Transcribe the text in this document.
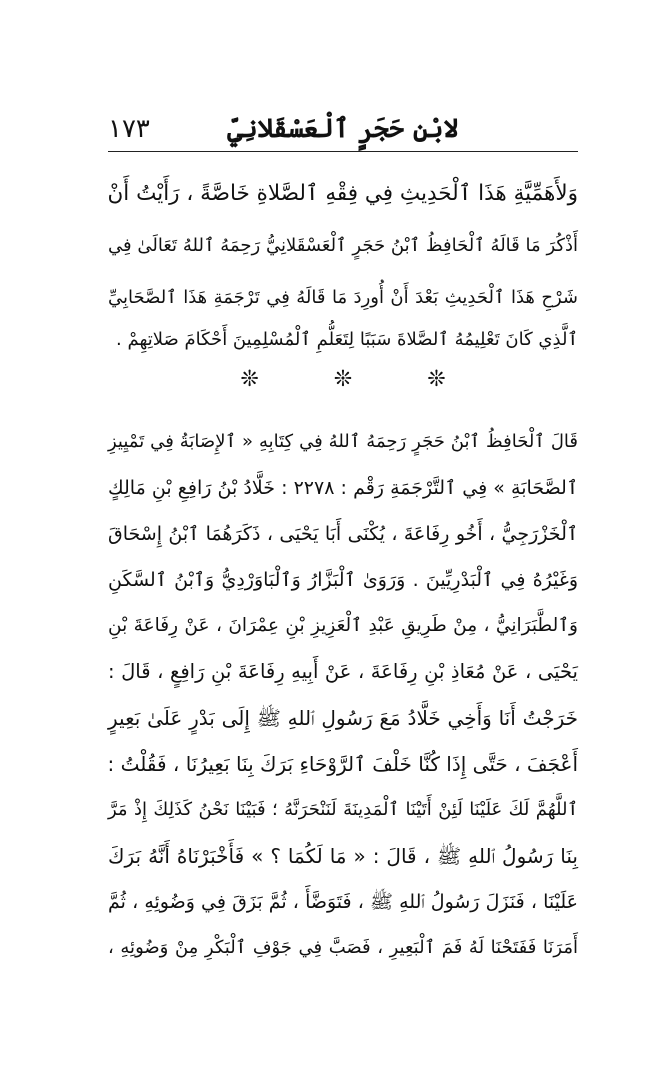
١٧٣	لابْنِ حَجَرٍ ٱلْعَسْقَلانِيِّ
وَلأَهَمِّيَّةِ هَذَا ٱلْحَدِيثِ فِي فِقْهِ ٱلصَّلاةِ خَاصَّةً ، رَأَيْتُ أَنْ
أَذْكُرَ مَا قَالَهُ ٱلْحَافِظُ ٱبْنُ حَجَرٍ ٱلْعَسْقَلانِيُّ رَحِمَهُ ٱللهُ تَعَالَىٰ فِي
شَرْحِ هَذَا ٱلْحَدِيثِ بَعْدَ أَنْ أُورِدَ مَا قَالَهُ فِي تَرْجَمَةِ هَذَا ٱلصَّحَابِيِّ
ٱلَّذِي كَانَ تَعْلِيمُهُ ٱلصَّلاةَ سَبَبًا لِتَعَلُّمِ ٱلْمُسْلِمِينَ أَحْكَامَ صَلاتِهِمْ .
❊
❊
❊
قَالَ ٱلْحَافِظُ ٱبْنُ حَجَرٍ رَحِمَهُ ٱللهُ فِي كِتَابِهِ « ٱلإِصَابَةُ فِي تَمْيِيزِ
ٱلصَّحَابَةِ » فِي ٱلتَّرْجَمَةِ رَقْم : ٢٢٧٨ : خَلَّادُ بْنُ رَافِعِ بْنِ مَالِكٍ
ٱلْخَزْرَجِيُّ ، أَخُو رِفَاعَةَ ، يُكْنَى أَبَا يَحْيَى ، ذَكَرَهُمَا ٱبْنُ إِسْحَاقَ
وَغَيْرُهُ فِي ٱلْبَدْرِيِّينَ . وَرَوَىٰ ٱلْبَزَّارُ وَٱلْبَاوَرْدِيُّ وَٱبْنُ ٱلسَّكَنِ
وَٱلطَّبَرَانِيُّ ، مِنْ طَرِيقِ عَبْدِ ٱلْعَزِيزِ بْنِ عِمْرَانَ ، عَنْ رِفَاعَةَ بْنِ
يَحْيَى ، عَنْ مُعَاذِ بْنِ رِفَاعَةَ ، عَنْ أَبِيهِ رِفَاعَةَ بْنِ رَافِعٍ ، قَالَ :
خَرَجْتُ أَنَا وَأَخِي خَلَّادُ مَعَ رَسُولِ ٱللهِ ﷺ إِلَى بَدْرٍ عَلَىٰ بَعِيرٍ
أَعْجَفَ ، حَتَّى إِذَا كُنَّا خَلْفَ ٱلرَّوْحَاءِ بَرَكَ بِنَا بَعِيرُنَا ، فَقُلْتُ :
ٱللَّهُمَّ لَكَ عَلَيْنَا لَئِنْ أَتَيْنَا ٱلْمَدِينَةَ لَنَنْحَرَنَّهُ ؛ فَبَيْنَا نَحْنُ كَذَلِكَ إِذْ مَرَّ
بِنَا رَسُولُ ٱللهِ ﷺ ، قَالَ : « مَا لَكُمَا ؟ » فَأَخْبَرْنَاهُ أَنَّهُ بَرَكَ
عَلَيْنَا ، فَنَزَلَ رَسُولُ ٱللهِ ﷺ ، فَتَوَضَّأَ ، ثُمَّ بَزَقَ فِي وَضُوئِهِ ، ثُمَّ
أَمَرَنَا فَفَتَحْنَا لَهُ فَمَ ٱلْبَعِيرِ ، فَصَبَّ فِي جَوْفِ ٱلْبَكْرِ مِنْ وَضُوئِهِ ،
